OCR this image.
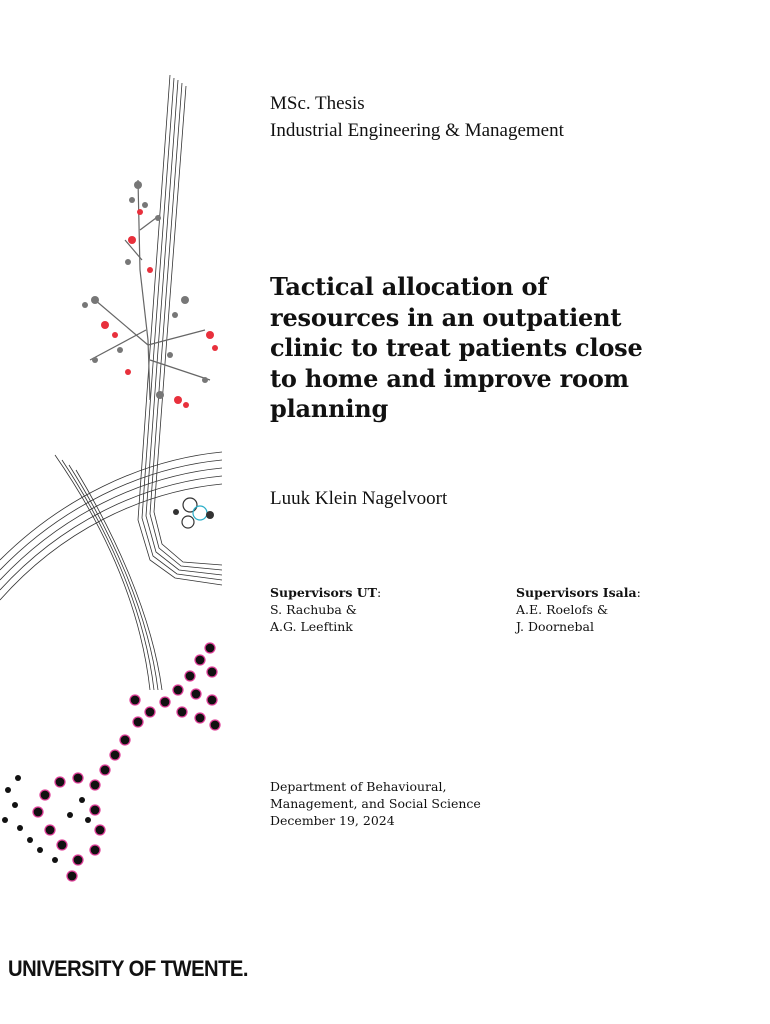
MSc. Thesis
Industrial Engineering & Management
Tactical allocation of
resources in an outpatient
clinic to treat patients close
to home and improve room
planning
Luuk Klein Nagelvoort
Supervisors UT:
S. Rachuba &
A.G. Leeftink
Supervisors Isala:
A.E. Roelofs &
J. Doornebal
Department of Behavioural,
Management, and Social Science
December 19, 2024
UNIVERSITY OF TWENTE.
